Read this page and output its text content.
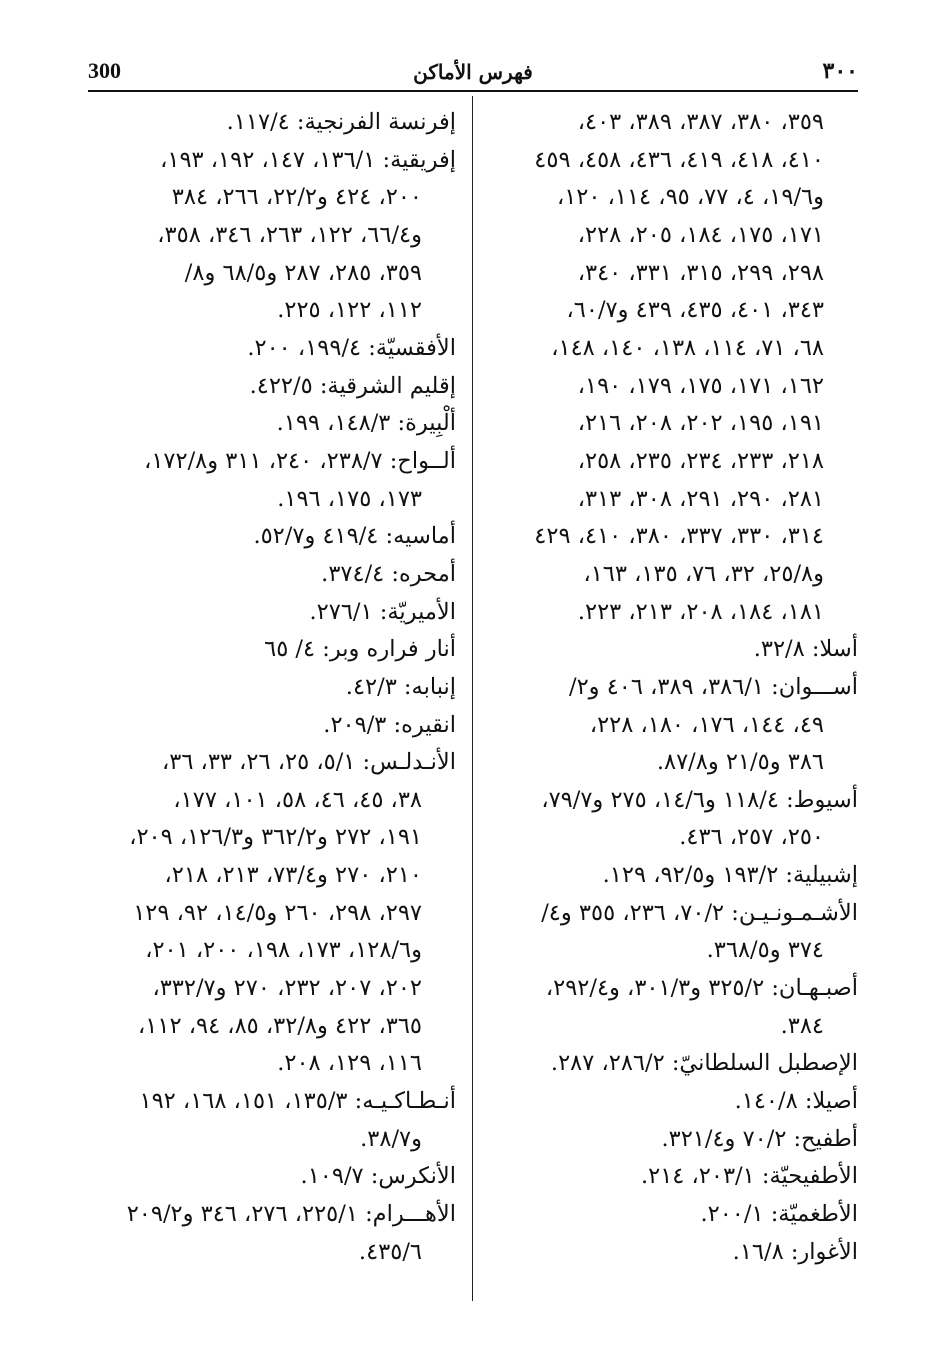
300	فهرس الأماكن	٣٠٠
٣٥٩، ٣٨٠، ٣٨٧، ٣٨٩، ٤٠٣،
٤١٠، ٤١٨، ٤١٩، ٤٣٦، ٤٥٨، ٤٥٩
و١٩/٦، ٤، ٧٧، ٩٥، ١١٤، ١٢٠،
١٧١، ١٧٥، ١٨٤، ٢٠٥، ٢٢٨،
٢٩٨، ٢٩٩، ٣١٥، ٣٣١، ٣٤٠،
٣٤٣، ٤٠١، ٤٣٥، ٤٣٩ و٦٠/٧،
٦٨، ٧١، ١١٤، ١٣٨، ١٤٠، ١٤٨،
١٦٢، ١٧١، ١٧٥، ١٧٩، ١٩٠،
١٩١، ١٩٥، ٢٠٢، ٢٠٨، ٢١٦،
٢١٨، ٢٣٣، ٢٣٤، ٢٣٥، ٢٥٨،
٢٨١، ٢٩٠، ٢٩١، ٣٠٨، ٣١٣،
٣١٤، ٣٣٠، ٣٣٧، ٣٨٠، ٤١٠، ٤٢٩
و٢٥/٨، ٣٢، ٧٦، ١٣٥، ١٦٣،
١٨١، ١٨٤، ٢٠٨، ٢١٣، ٢٢٣.
أسلا: ٣٢/٨.
أســـوان: ٣٨٦/١، ٣٨٩، ٤٠٦ و٢/
٤٩، ١٤٤، ١٧٦، ١٨٠، ٢٢٨،
٣٨٦ و٢١/٥ و٨٧/٨.
أسيوط: ١١٨/٤ و١٤/٦، ٢٧٥ و٧٩/٧،
٢٥٠، ٢٥٧، ٤٣٦.
إشبيلية: ١٩٣/٢ و٩٢/٥، ١٢٩.
الأشـمـونـيـن: ٧٠/٢، ٢٣٦، ٣٥٥ و٤/
٣٧٤ و٣٦٨/٥.
أصبـهـان: ٣٢٥/٢ و٣٠١/٣، و٢٩٢/٤،
٣٨٤.
الإصطبل السلطانيّ: ٢٨٦/٢، ٢٨٧.
أصيلا: ١٤٠/٨.
أطفيح: ٧٠/٢ و٣٢١/٤.
الأطفيحيّة: ٢٠٣/١، ٢١٤.
الأطغميّة: ٢٠٠/١.
الأغوار: ١٦/٨.
إفرنسة الفرنجية: ١١٧/٤.
إفريقية: ١٣٦/١، ١٤٧، ١٩٢، ١٩٣،
٢٠٠، ٤٢٤ و٢٢/٢، ٢٦٦، ٣٨٤
و٦٦/٤، ١٢٢، ٢٦٣، ٣٤٦، ٣٥٨،
٣٥٩، ٢٨٥، ٢٨٧ و٦٨/٥ و٨/
١١٢، ١٢٢، ٢٢٥.
الأفقسيّة: ١٩٩/٤، ٢٠٠.
إقليم الشرقية: ٤٢٢/٥.
ألْبِيرة: ١٤٨/٣، ١٩٩.
ألــواح: ٢٣٨/٧، ٢٤٠، ٣١١ و١٧٢/٨،
١٧٣، ١٧٥، ١٩٦.
أماسيه: ٤١٩/٤ و٥٢/٧.
أمحره: ٣٧٤/٤.
الأميريّة: ٢٧٦/١.
أنار فراره وبر: ٤/ ٦٥
إنبابه: ٤٢/٣.
انقيره: ٢٠٩/٣.
الأنـدلـس: ٥/١، ٢٥، ٢٦، ٣٣، ٣٦،
٣٨، ٤٥، ٤٦، ٥٨، ١٠١، ١٧٧،
١٩١، ٢٧٢ و٣٦٢/٢ و١٢٦/٣، ٢٠٩،
٢١٠، ٢٧٠ و٧٣/٤، ٢١٣، ٢١٨،
٢٩٧، ٢٩٨، ٢٦٠ و١٤/٥، ٩٢، ١٢٩
و١٢٨/٦، ١٧٣، ١٩٨، ٢٠٠، ٢٠١،
٢٠٢، ٢٠٧، ٢٣٢، ٢٧٠ و٣٣٢/٧،
٣٦٥، ٤٢٢ و٣٢/٨، ٨٥، ٩٤، ١١٢،
١١٦، ١٢٩، ٢٠٨.
أنـطـاكـيـه: ١٣٥/٣، ١٥١، ١٦٨، ١٩٢
و٣٨/٧.
الأنكرس: ١٠٩/٧.
الأهـــرام: ٢٢٥/١، ٢٧٦، ٣٤٦ و٢٠٩/٢
٤٣٥/٦.
